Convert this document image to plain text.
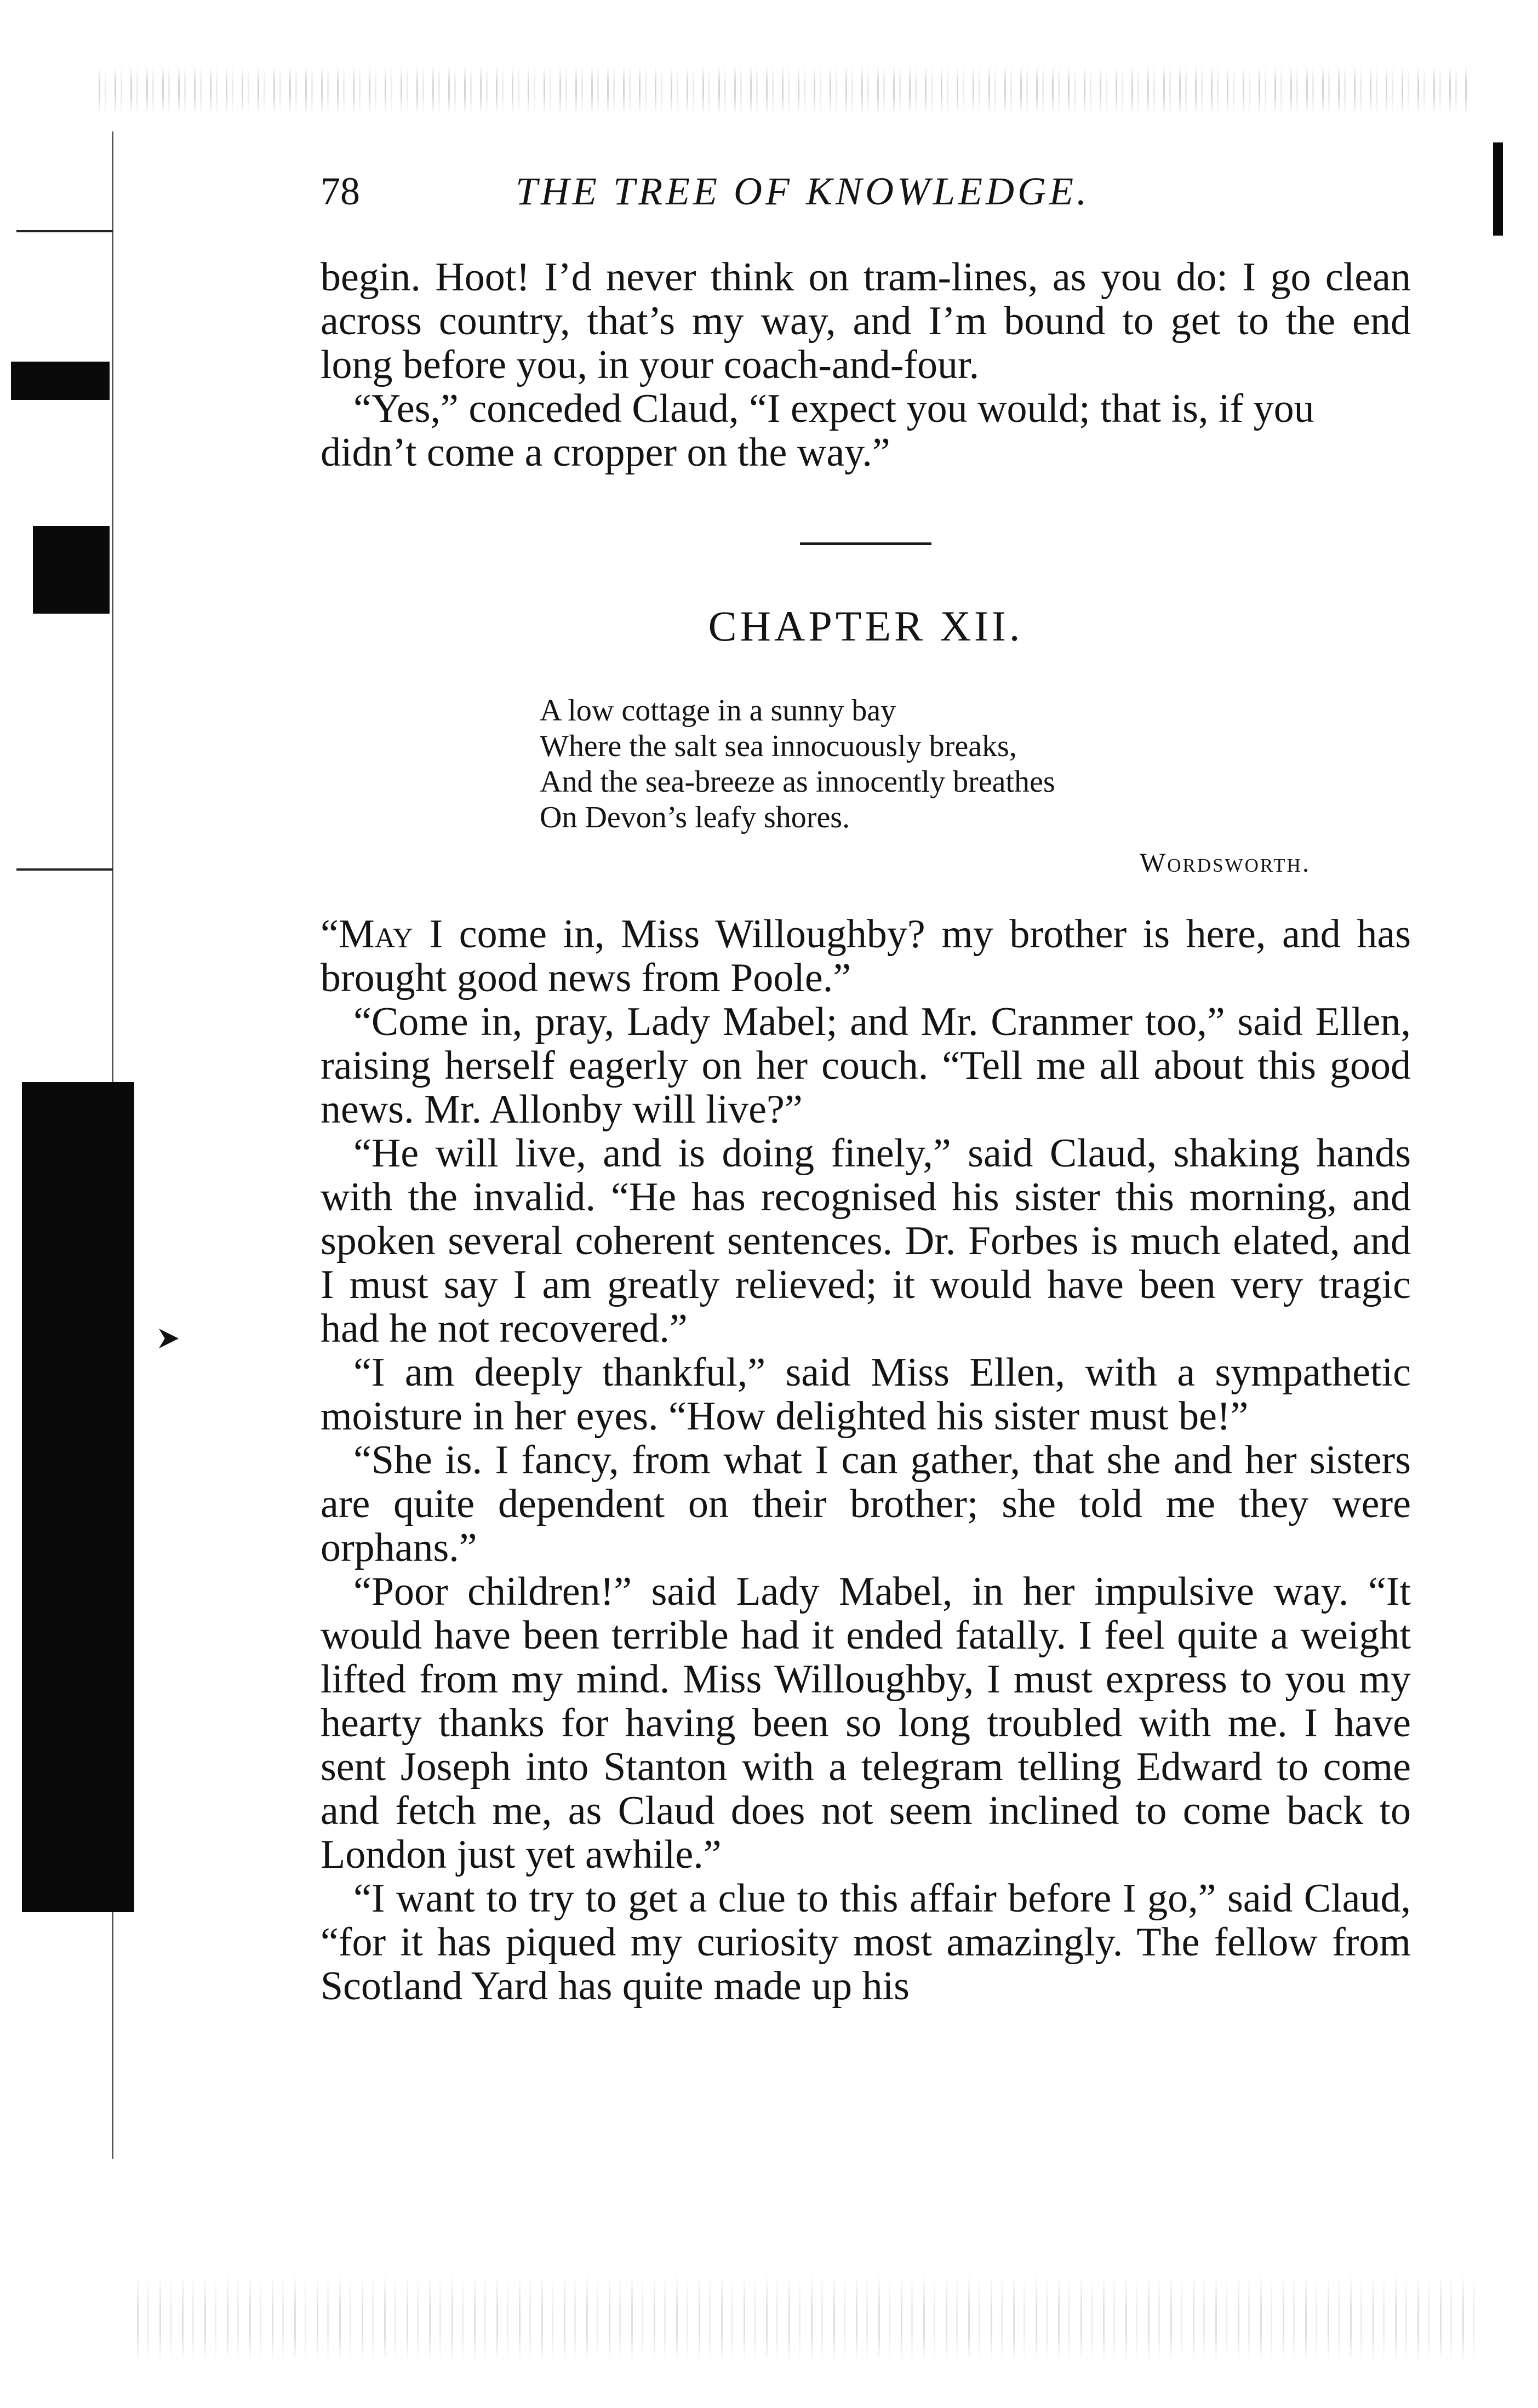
78	THE TREE OF KNOWLEDGE.

begin. Hoot! I’d never think on tram-lines, as you do: I go clean across country, that’s my way, and I’m bound to get to the end long before you, in your coach-and-four.

“Yes,” conceded Claud, “I expect you would; that is, if you didn’t come a cropper on the way.”

CHAPTER XII.
A low cottage in a sunny bay
Where the salt sea innocuously breaks,
And the sea-breeze as innocently breathes
On Devon’s leafy shores.
Wordsworth.

“May I come in, Miss Willoughby? my brother is here, and has brought good news from Poole.”

“Come in, pray, Lady Mabel; and Mr. Cranmer too,” said Ellen, raising herself eagerly on her couch. “Tell me all about this good news. Mr. Allonby will live?”

“He will live, and is doing finely,” said Claud, shaking hands with the invalid. “He has recognised his sister this morning, and spoken several coherent sentences. Dr. Forbes is much elated, and I must say I am greatly relieved; it would have been very tragic had he not recovered.”

“I am deeply thankful,” said Miss Ellen, with a sympathetic moisture in her eyes. “How delighted his sister must be!”

“She is. I fancy, from what I can gather, that she and her sisters are quite dependent on their brother; she told me they were orphans.”

“Poor children!” said Lady Mabel, in her impulsive way. “It would have been terrible had it ended fatally. I feel quite a weight lifted from my mind. Miss Willoughby, I must express to you my hearty thanks for having been so long troubled with me. I have sent Joseph into Stanton with a telegram telling Edward to come and fetch me, as Claud does not seem inclined to come back to London just yet awhile.”

“I want to try to get a clue to this affair before I go,” said Claud, “for it has piqued my curiosity most amazingly. The fellow from Scotland Yard has quite made up his
